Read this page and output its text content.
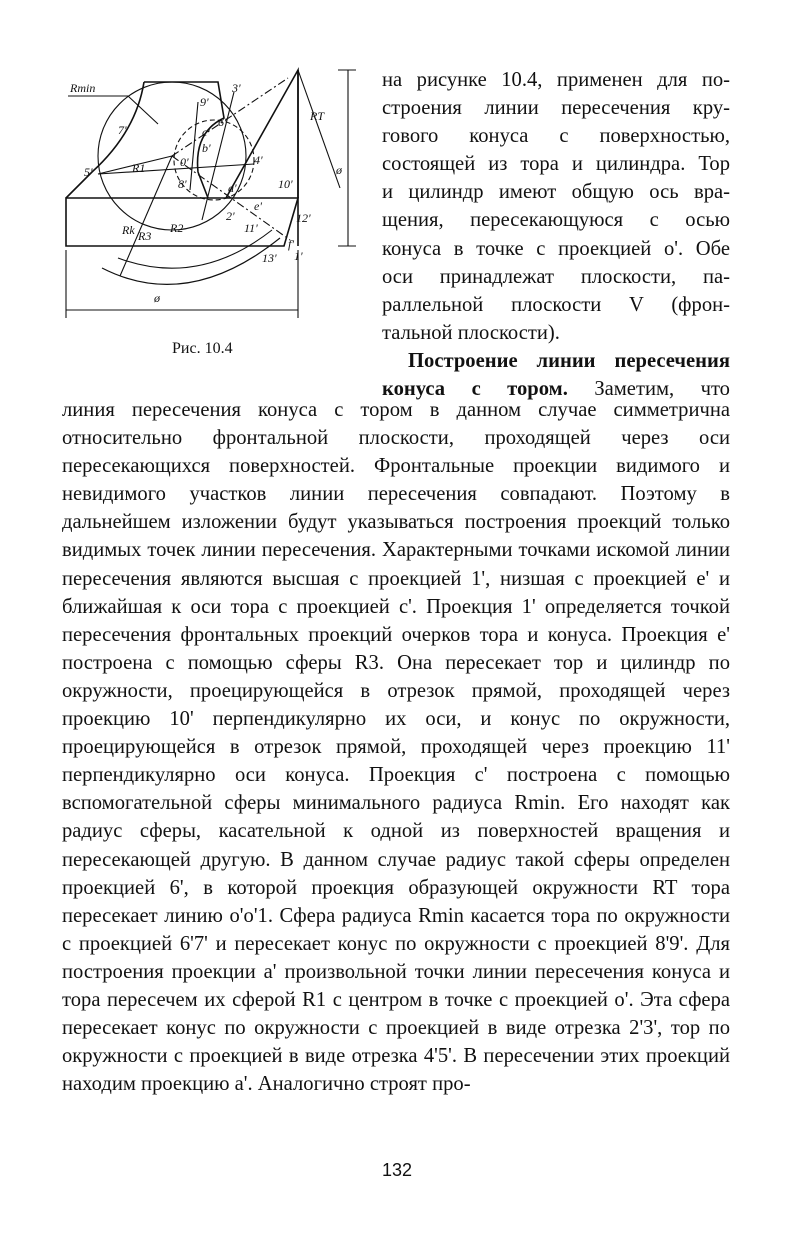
Rmin
RT
R1
R2
R3
Rk
ø
ø
1'
2'
3'
4'
5'
6'
7'
8'
9'
10'
11'
12'
13'
a'
b'
c'
e'
f'
0'
Рис. 10.4
на рисунке 10.4, применен для по-
строения линии пересечения кру-
гового конуса с поверхностью,
состоящей из тора и цилиндра. Тор
и цилиндр имеют общую ось вра-
щения, пересекающуюся с осью
конуса в точке с проекцией o'. Обе
оси принадлежат плоскости, па-
раллельной плоскости V (фрон-
тальной плоскости).
Построение линии пересечения
конуса с тором. Заметим, что

линия пересечения конуса с тором в данном случае симметрична относительно фронтальной плоскости, проходящей через оси пересекающихся поверхностей. Фронтальные проекции видимого и невидимого участков линии пересечения совпадают. Поэтому в дальнейшем изложении будут указываться построения проекций только видимых точек линии пересечения. Характерными точками искомой линии пересечения являются высшая с проекцией 1', низшая с проекцией e' и ближайшая к оси тора с проекцией c'. Проекция 1' определяется точкой пересечения фронтальных проекций очерков тора и конуса. Проекция e' построена с помощью сферы R3. Она пересекает тор и цилиндр по окружности, проецирующейся в отрезок прямой, проходящей через проекцию 10' перпендикулярно их оси, и конус по окружности, проецирующейся в отрезок прямой, проходящей через проекцию 11' перпендикулярно оси конуса. Проекция c' построена с помощью вспомогательной сферы минимального радиуса Rmin. Его находят как радиус сферы, касательной к одной из поверхностей вращения и пересекающей другую. В данном случае радиус такой сферы определен проекцией 6', в которой проекция образующей окружности RT тора пересекает линию o'o'1. Сфера радиуса Rmin касается тора по окружности с проекцией 6'7' и пересекает конус по окружности с проекцией 8'9'. Для построения проекции a' произвольной точки линии пересечения конуса и тора пересечем их сферой R1 с центром в точке с проекцией o'. Эта сфера пересекает конус по окружности с проекцией в виде отрезка 2'3', тор по окружности с проекцией в виде отрезка 4'5'. В пересечении этих проекций находим проекцию a'. Аналогично строят про-

132
